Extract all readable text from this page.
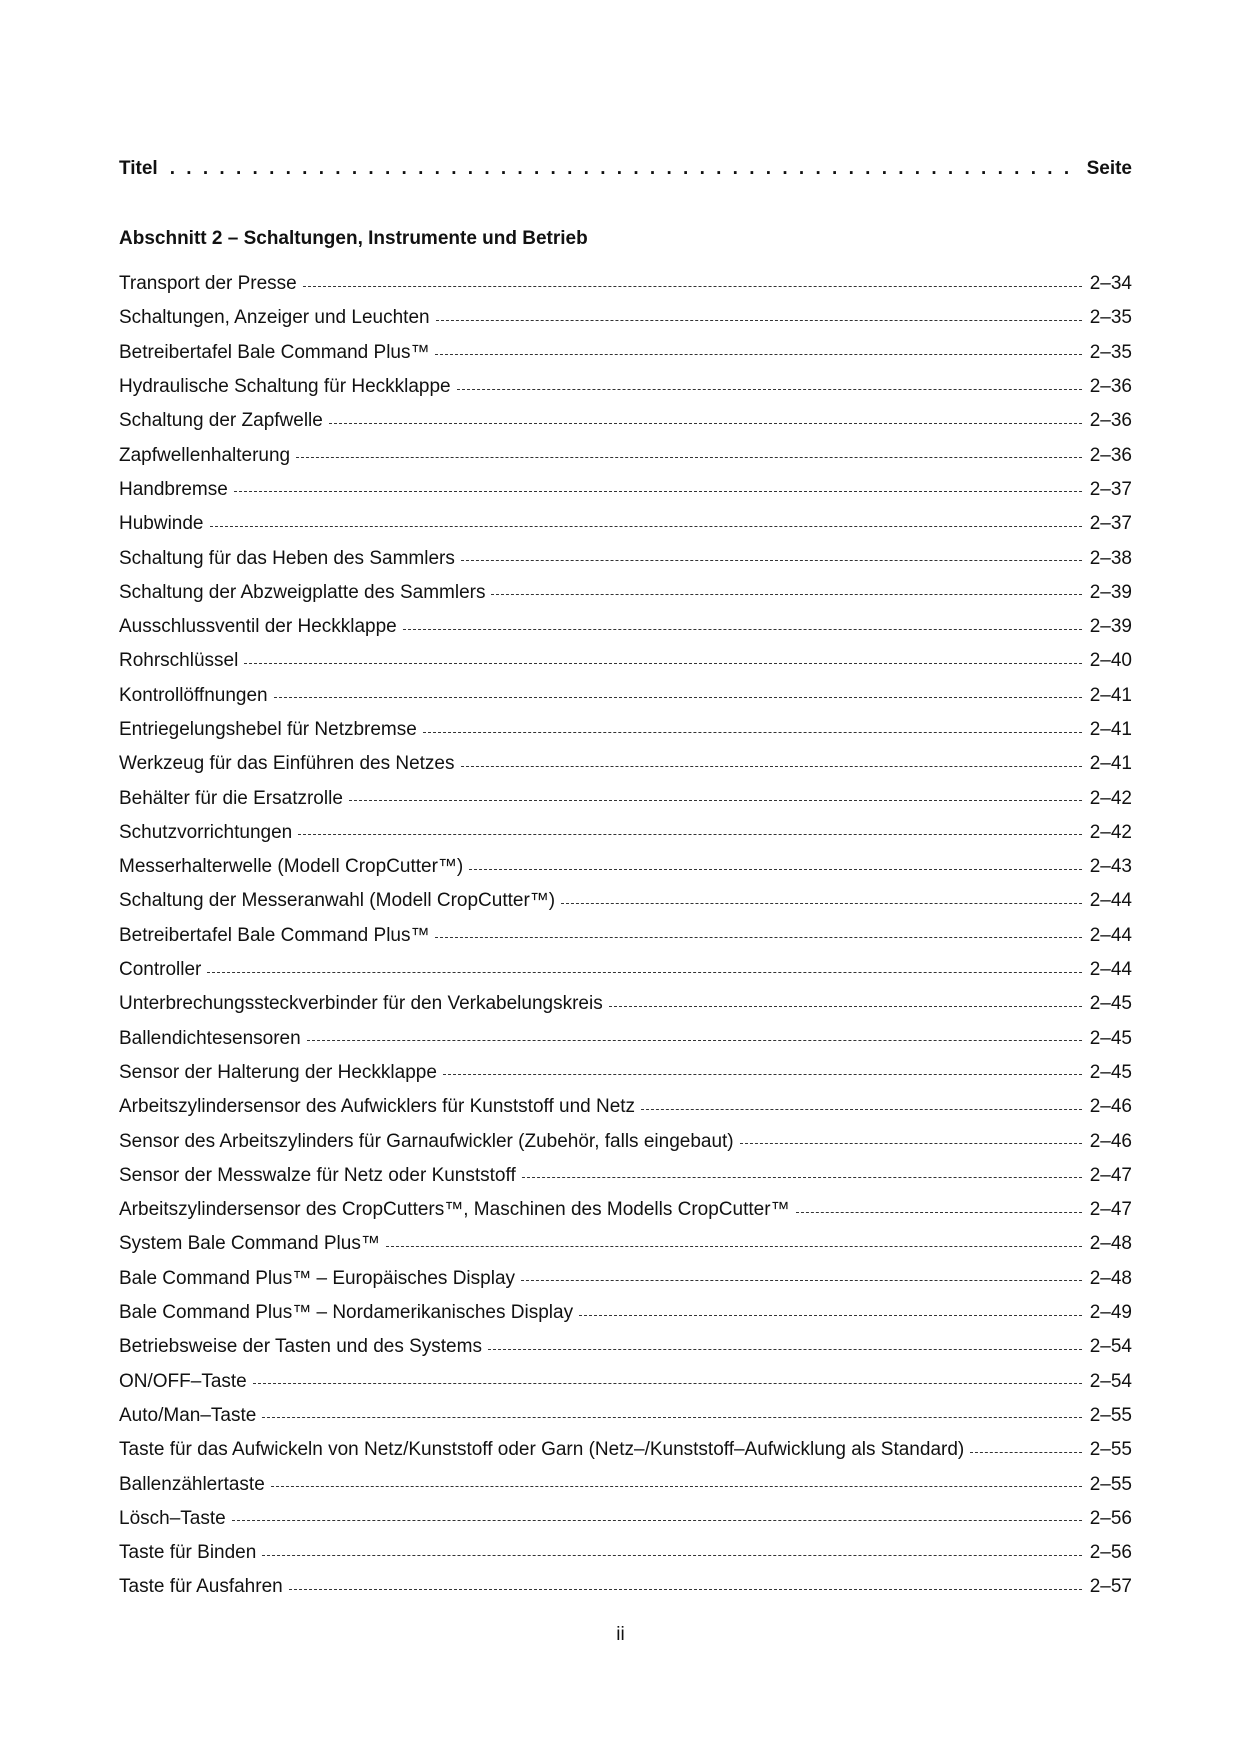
Titel
. . .	Seite
Abschnitt 2 – Schaltungen, Instrumente und Betrieb
Transport der Presse	2–34
Schaltungen, Anzeiger und Leuchten	2–35
Betreibertafel Bale Command Plus™	2–35
Hydraulische Schaltung für Heckklappe	2–36
Schaltung der Zapfwelle	2–36
Zapfwellenhalterung	2–36
Handbremse	2–37
Hubwinde	2–37
Schaltung für das Heben des Sammlers	2–38
Schaltung der Abzweigplatte des Sammlers	2–39
Ausschlussventil der Heckklappe	2–39
Rohrschlüssel	2–40
Kontrollöffnungen	2–41
Entriegelungshebel für Netzbremse	2–41
Werkzeug für das Einführen des Netzes	2–41
Behälter für die Ersatzrolle	2–42
Schutzvorrichtungen	2–42
Messerhalterwelle (Modell CropCutter™)	2–43
Schaltung der Messeranwahl (Modell CropCutter™)	2–44
Betreibertafel Bale Command Plus™	2–44
Controller	2–44
Unterbrechungssteckverbinder für den Verkabelungskreis	2–45
Ballendichtesensoren	2–45
Sensor der Halterung der Heckklappe	2–45
Arbeitszylindersensor des Aufwicklers für Kunststoff und Netz	2–46
Sensor des Arbeitszylinders für Garnaufwickler (Zubehör, falls eingebaut)	2–46
Sensor der Messwalze für Netz oder Kunststoff	2–47
Arbeitszylindersensor des CropCutters™, Maschinen des Modells CropCutter™	2–47
System Bale Command Plus™	2–48
Bale Command Plus™ – Europäisches Display	2–48
Bale Command Plus™ – Nordamerikanisches Display	2–49
Betriebsweise der Tasten und des Systems	2–54
ON/OFF–Taste	2–54
Auto/Man–Taste	2–55
Taste für das Aufwickeln von Netz/Kunststoff oder Garn (Netz–/Kunststoff–Aufwicklung als Standard)	2–55
Ballenzählertaste	2–55
Lösch–Taste	2–56
Taste für Binden	2–56
Taste für Ausfahren	2–57
ii
